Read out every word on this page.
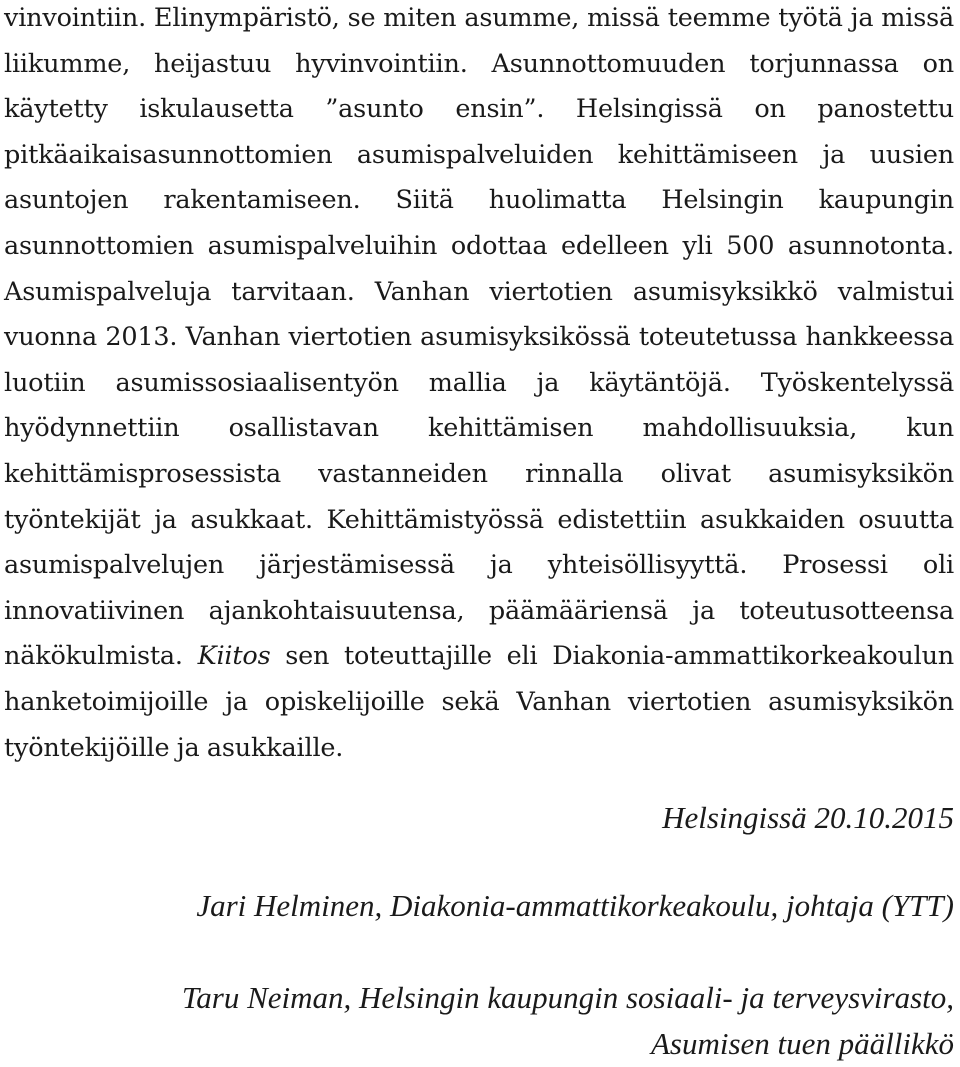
vinvointiin. Elinympäristö, se miten asumme, missä teemme työtä ja missä liikumme, heijastuu hyvinvointiin. Asunnottomuuden torjunnassa on käytetty iskulausetta ”asunto ensin”. Helsingissä on panostettu pitkäaikaisasunnottomien asumispalveluiden kehittämiseen ja uusien asuntojen rakentamiseen. Siitä huolimatta Helsingin kaupungin asunnottomien asumispalveluihin odottaa edelleen yli 500 asunnotonta. Asumispalveluja tarvitaan. Vanhan viertotien asumisyksikkö valmistui vuonna 2013. Vanhan viertotien asumisyksikössä toteutetussa hankkeessa luotiin asumissosiaalisentyön mallia ja käytäntöjä. Työskentelyssä hyödynnettiin osallistavan kehittämisen mahdollisuuksia, kun kehittämisprosessista vastanneiden rinnalla olivat asumisyksikön työntekijät ja asukkaat. Kehittämistyössä edistettiin asukkaiden osuutta asumispalvelujen järjestämisessä ja yhteisöllisyyttä. Prosessi oli innovatiivinen ajankohtaisuutensa, päämääriensä ja toteutusotteensa näkökulmista. Kiitos sen toteuttajille eli Diakonia-ammattikorkeakoulun hanketoimijoille ja opiskelijoille sekä Vanhan viertotien asumisyksikön työntekijöille ja asukkaille.

Helsingissä 20.10.2015

Jari Helminen, Diakonia-ammattikorkeakoulu, johtaja (YTT)

Taru Neiman, Helsingin kaupungin sosiaali- ja terveysvirasto,
Asumisen tuen päällikkö
